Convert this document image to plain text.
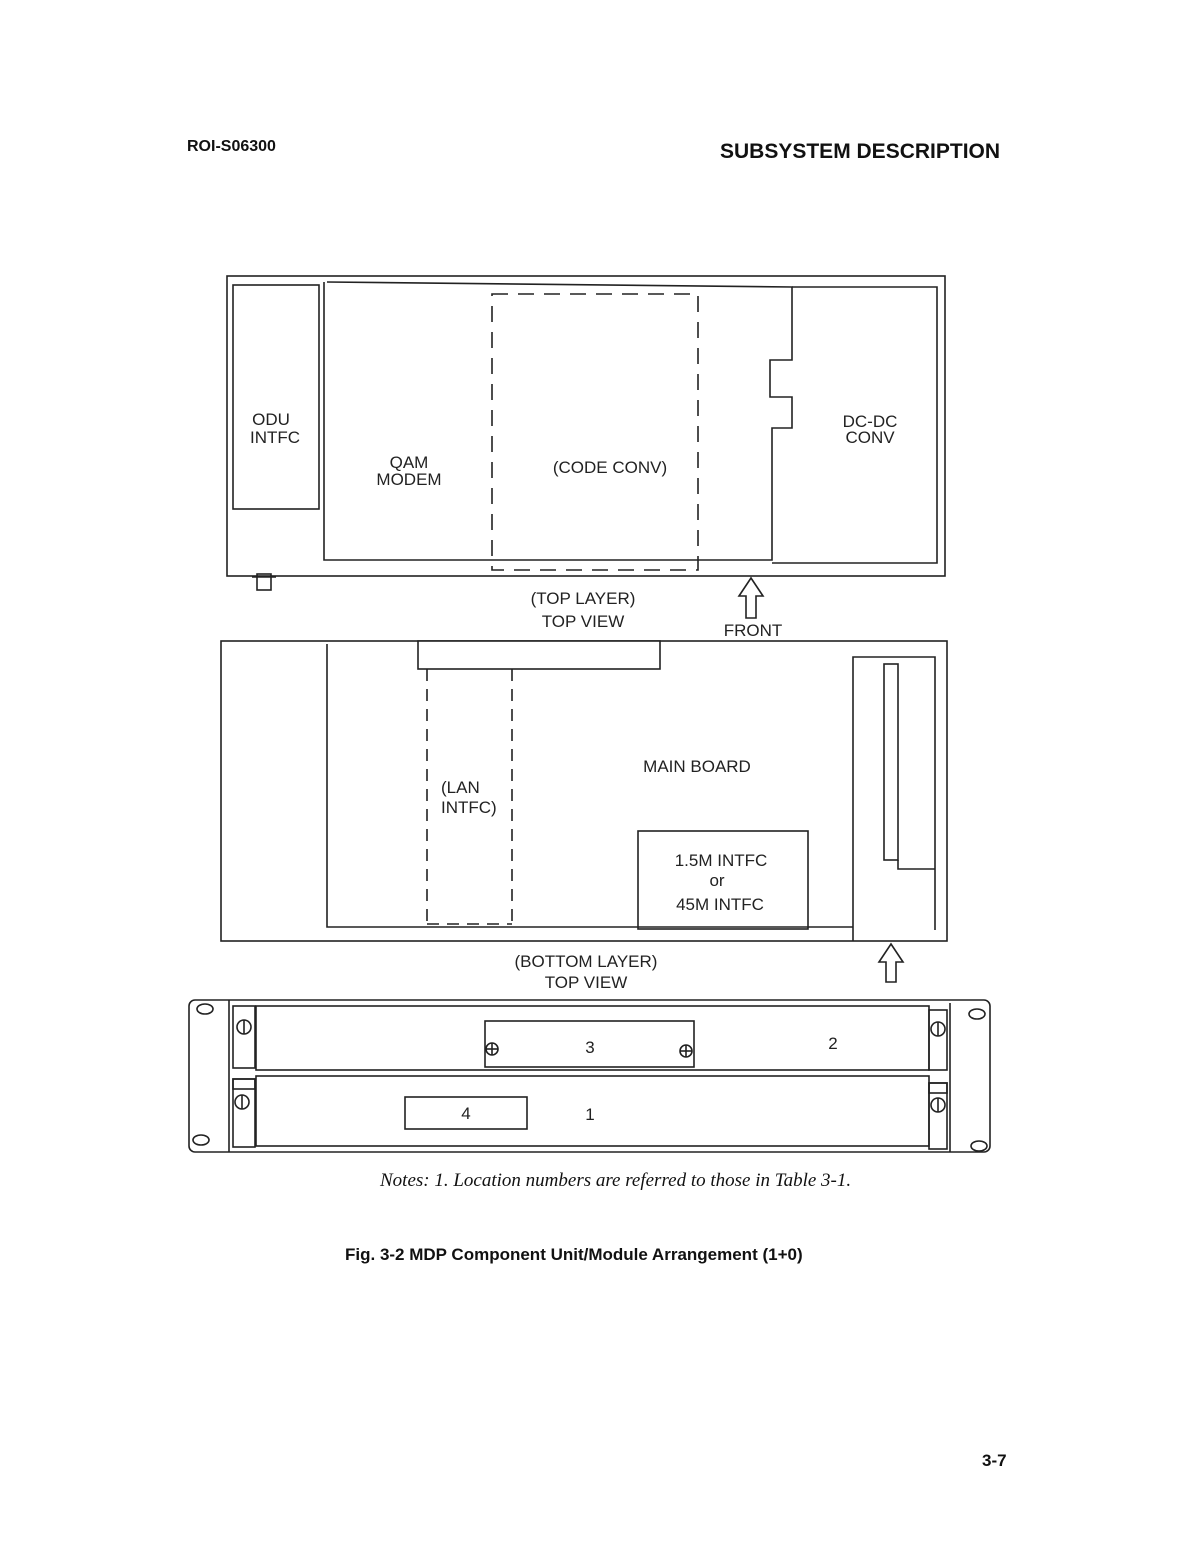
ROI-S06300	SUBSYSTEM DESCRIPTION
ODU
INTFC
QAM
MODEM
(CODE CONV)
DC-DC
CONV
(TOP LAYER)
TOP VIEW	FRONT
MAIN BOARD
(LAN
INTFC)
1.5M INTFC
or
45M INTFC
(BOTTOM LAYER)
TOP VIEW
3	2
4	1
Notes: 1. Location numbers are referred to those in Table 3-1.
Fig. 3-2 MDP Component Unit/Module Arrangement (1+0)
3-7
